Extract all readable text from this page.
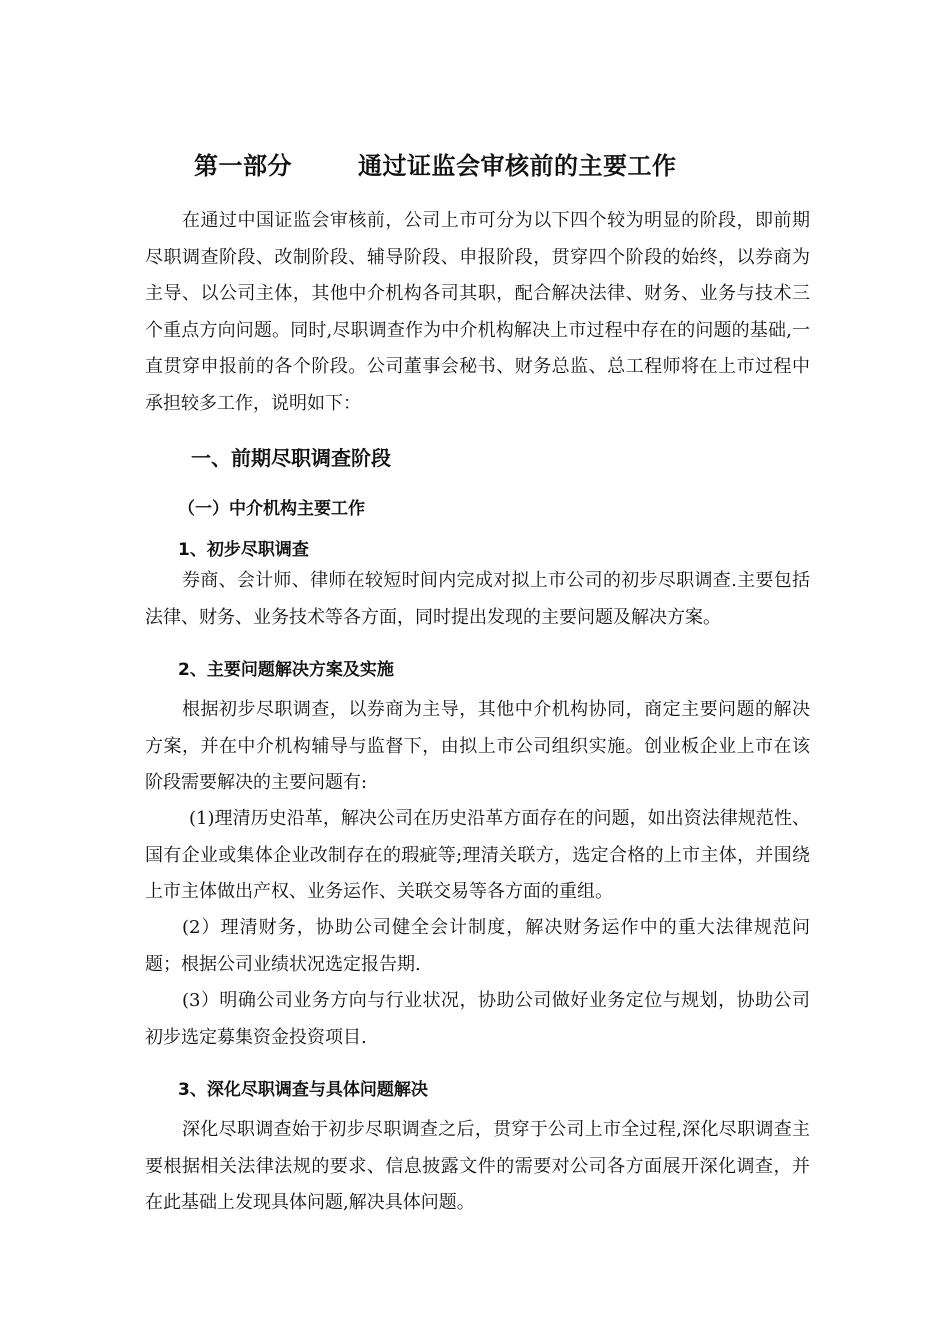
第一部分	通过证监会审核前的主要工作

在通过中国证监会审核前，公司上市可分为以下四个较为明显的阶段，即前期尽职调查阶段、改制阶段、辅导阶段、申报阶段，贯穿四个阶段的始终，以券商为主导、以公司主体，其他中介机构各司其职，配合解决法律、财务、业务与技术三个重点方向问题。同时,尽职调查作为中介机构解决上市过程中存在的问题的基础,一直贯穿申报前的各个阶段。公司董事会秘书、财务总监、总工程师将在上市过程中承担较多工作，说明如下：

一、前期尽职调查阶段
（一）中介机构主要工作
1、初步尽职调查

券商、会计师、律师在较短时间内完成对拟上市公司的初步尽职调查.主要包括法律、财务、业务技术等各方面，同时提出发现的主要问题及解决方案。

2、主要问题解决方案及实施

根据初步尽职调查，以券商为主导，其他中介机构协同，商定主要问题的解决方案，并在中介机构辅导与监督下，由拟上市公司组织实施。创业板企业上市在该阶段需要解决的主要问题有:

(1)理清历史沿革，解决公司在历史沿革方面存在的问题，如出资法律规范性、国有企业或集体企业改制存在的瑕疵等;理清关联方，选定合格的上市主体，并围绕上市主体做出产权、业务运作、关联交易等各方面的重组。

(2）理清财务，协助公司健全会计制度，解决财务运作中的重大法律规范问题；根据公司业绩状况选定报告期.

(3）明确公司业务方向与行业状况，协助公司做好业务定位与规划，协助公司初步选定募集资金投资项目.

3、深化尽职调查与具体问题解决

深化尽职调查始于初步尽职调查之后，贯穿于公司上市全过程,深化尽职调查主要根据相关法律法规的要求、信息披露文件的需要对公司各方面展开深化调查，并在此基础上发现具体问题,解决具体问题。
